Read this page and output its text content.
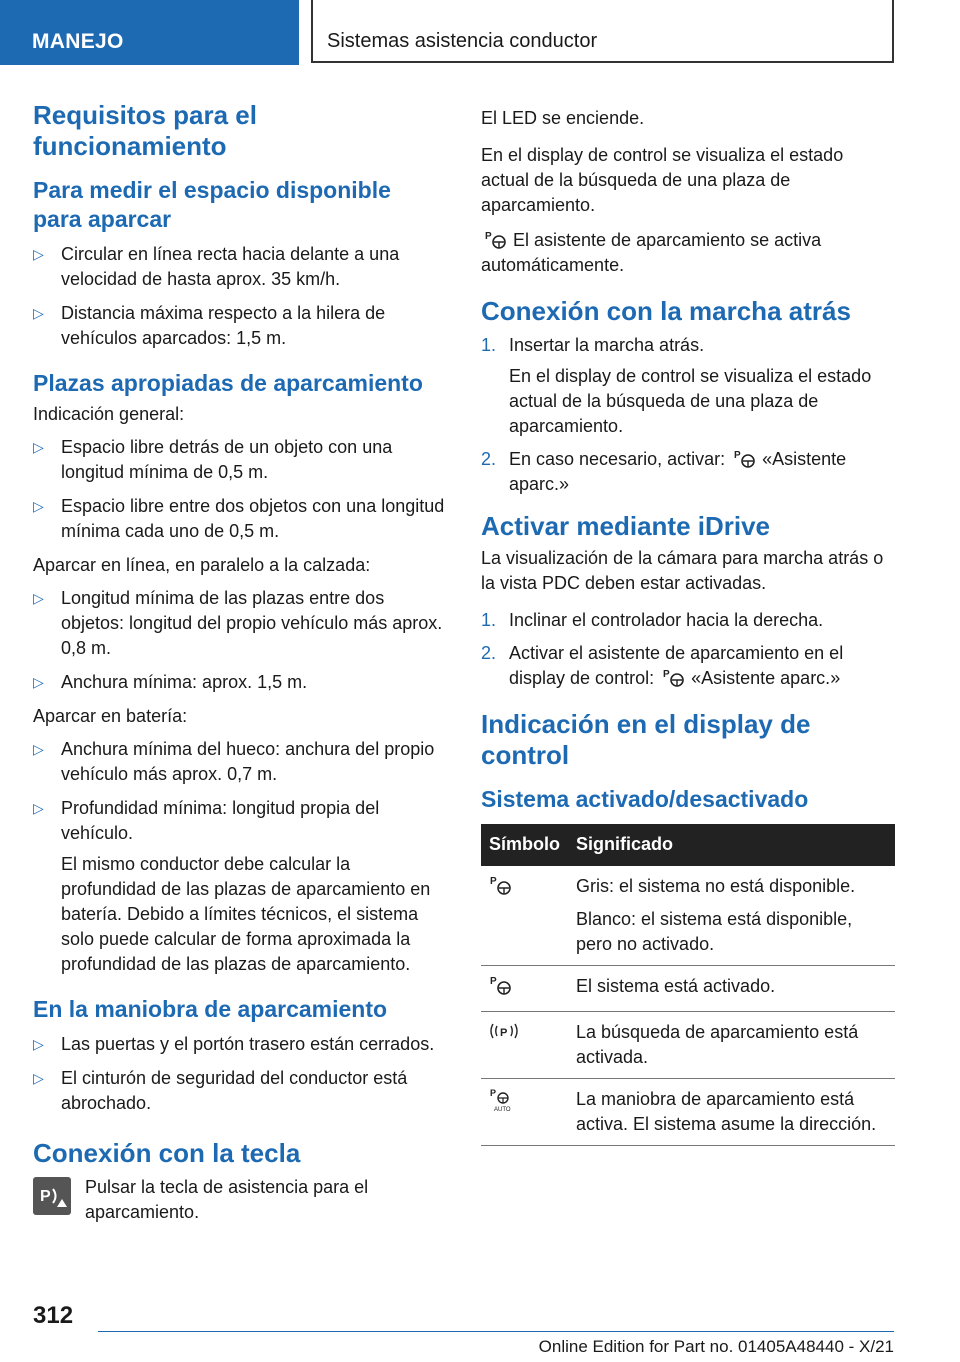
MANEJO	Sistemas asistencia conductor
Requisitos para el funcionamiento
Para medir el espacio disponible para aparcar
▷ Circular en línea recta hacia delante a una velocidad de hasta aprox. 35 km/h.
▷ Distancia máxima respecto a la hilera de vehículos aparcados: 1,5 m.
Plazas apropiadas de aparcamiento

Indicación general:

▷ Espacio libre detrás de un objeto con una longitud mínima de 0,5 m.
▷ Espacio libre entre dos objetos con una longitud mínima cada uno de 0,5 m.

Aparcar en línea, en paralelo a la calzada:

▷ Longitud mínima de las plazas entre dos objetos: longitud del propio vehículo más aprox. 0,8 m.
▷ Anchura mínima: aprox. 1,5 m.

Aparcar en batería:

▷ Anchura mínima del hueco: anchura del propio vehículo más aprox. 0,7 m.
▷ Profundidad mínima: longitud propia del vehículo.
El mismo conductor debe calcular la profundidad de las plazas de aparcamiento en batería. Debido a límites técnicos, el sistema solo puede calcular de forma aproximada la profundidad de las plazas de aparcamiento.
En la maniobra de aparcamiento
▷ Las puertas y el portón trasero están cerrados.
▷ El cinturón de seguridad del conductor está abrochado.
Conexión con la tecla
P Pulsar la tecla de asistencia para el aparcamiento.

El LED se enciende.

En el display de control se visualiza el estado actual de la búsqueda de una plaza de aparcamiento.

P El asistente de aparcamiento se activa automáticamente.

Conexión con la marcha atrás
1. Insertar la marcha atrás.
En el display de control se visualiza el estado actual de la búsqueda de una plaza de aparcamiento.
2. En caso necesario, activar: P «Asistente aparc.»
Activar mediante iDrive

La visualización de la cámara para marcha atrás o la vista PDC deben estar activadas.

1. Inclinar el controlador hacia la derecha.
2. Activar el asistente de aparcamiento en el display de control: P «Asistente aparc.»
Indicación en el display de control
Sistema activado/desactivado
Símbolo	Significado

P	Gris: el sistema no está disponible.

Blanco: el sistema está disponible, pero no activado.

P	El sistema está activado.

P	La búsqueda de aparcamiento está activada.

P
AUTO	La maniobra de aparcamiento está activa. El sistema asume la dirección.

312
Online Edition for Part no. 01405A48440 - X/21
